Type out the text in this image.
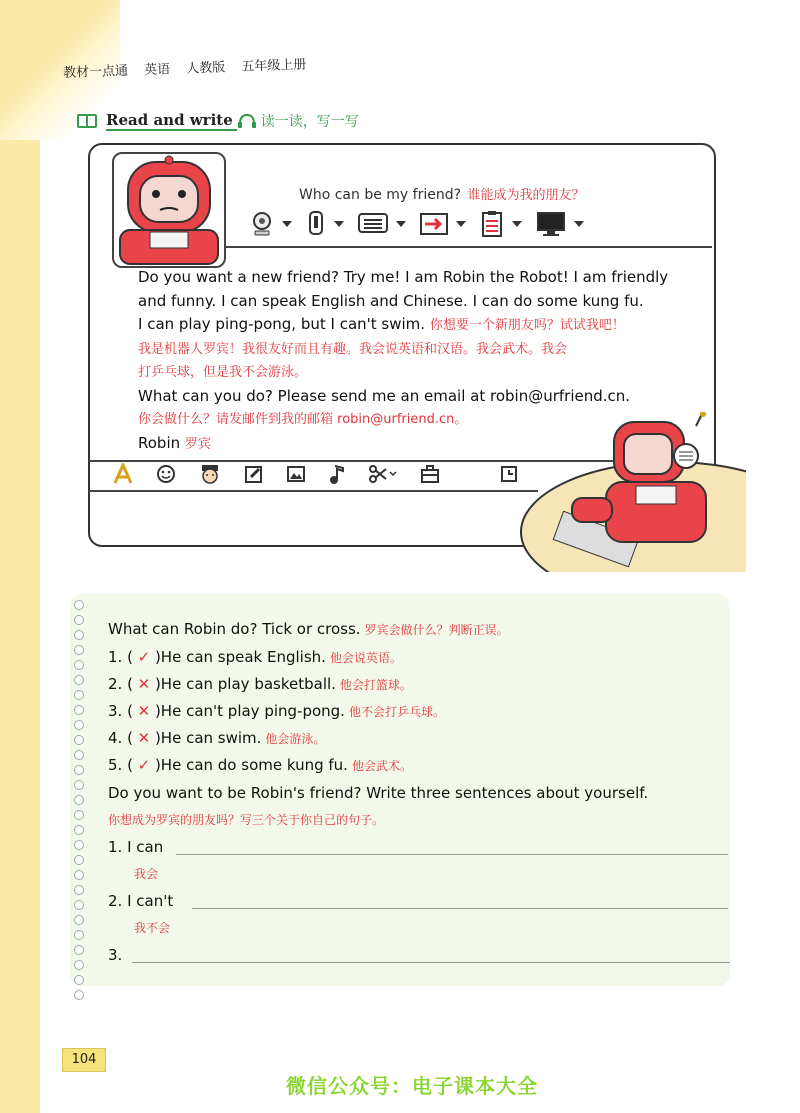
教材一点通 英语 人教版 五年级上册
Read and write 读一读，写一写
Who can be my friend? 谁能成为我的朋友？

Do you want a new friend? Try me! I am Robin the Robot! I am friendly

and funny. I can speak English and Chinese. I can do some kung fu.

I can play ping-pong, but I can't swim. 你想要一个新朋友吗？试试我吧！

我是机器人罗宾！我很友好而且有趣。我会说英语和汉语。我会武术。我会

打乒乓球，但是我不会游泳。

What can you do? Please send me an email at robin@urfriend.cn.

你会做什么？请发邮件到我的邮箱 robin@urfriend.cn。

Robin 罗宾

What can Robin do? Tick or cross. 罗宾会做什么？判断正误。
1. ( ✓ )He can speak English. 他会说英语。
2. ( ✕ )He can play basketball. 他会打篮球。
3. ( ✕ )He can't play ping-pong. 他不会打乒乓球。
4. ( ✕ )He can swim. 他会游泳。
5. ( ✓ )He can do some kung fu. 他会武术。
Do you want to be Robin's friend? Write three sentences about yourself.
你想成为罗宾的朋友吗？写三个关于你自己的句子。
1. I can
我会
2. I can't
我不会
3.
104
微信公众号：电子课本大全
